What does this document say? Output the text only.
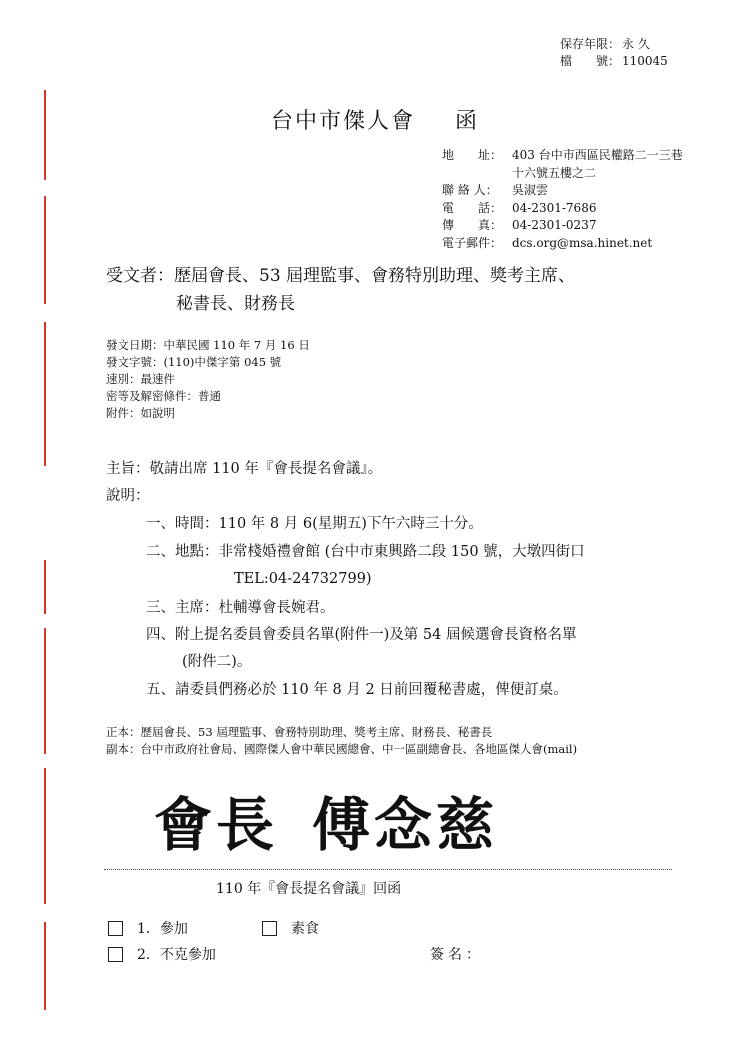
保存年限： 永 久
檔　　號： 110045
台中市傑人會 函
地　　址： 403 台中市西區民權路二一三巷
十六號五樓之二
聯 絡 人：	吳淑雲
電　　話： 04-2301-7686
傳　　真： 04-2301-0237
電子郵件： dcs.org@msa.hinet.net
受文者：歷屆會長、53 屆理監事、會務特別助理、獎考主席、
秘書長、財務長
發文日期：中華民國 110 年 7 月 16 日
發文字號：(110)中傑字第 045 號
速別：最速件
密等及解密條件：普通
附件：如說明
主旨：敬請出席 110 年『會長提名會議』。
說明：
一、時間：110 年 8 月 6(星期五)下午六時三十分。
二、地點：非常棧婚禮會館 (台中市東興路二段 150 號，大墩四街口
TEL:04-24732799)
三、主席：杜輔導會長婉君。
四、附上提名委員會委員名單(附件一)及第 54 屆候選會長資格名單
(附件二)。
五、請委員們務必於 110 年 8 月 2 日前回覆秘書處，俾便訂桌。
正本：歷屆會長、53 屆理監事、會務特別助理、獎考主席、財務長、秘書長
副本：台中市政府社會局、國際傑人會中華民國總會、中一區副總會長、各地區傑人會(mail)
會長 傅念慈
110 年『會長提名會議』回函
1．參加	素食
2．不克參加	簽名：
